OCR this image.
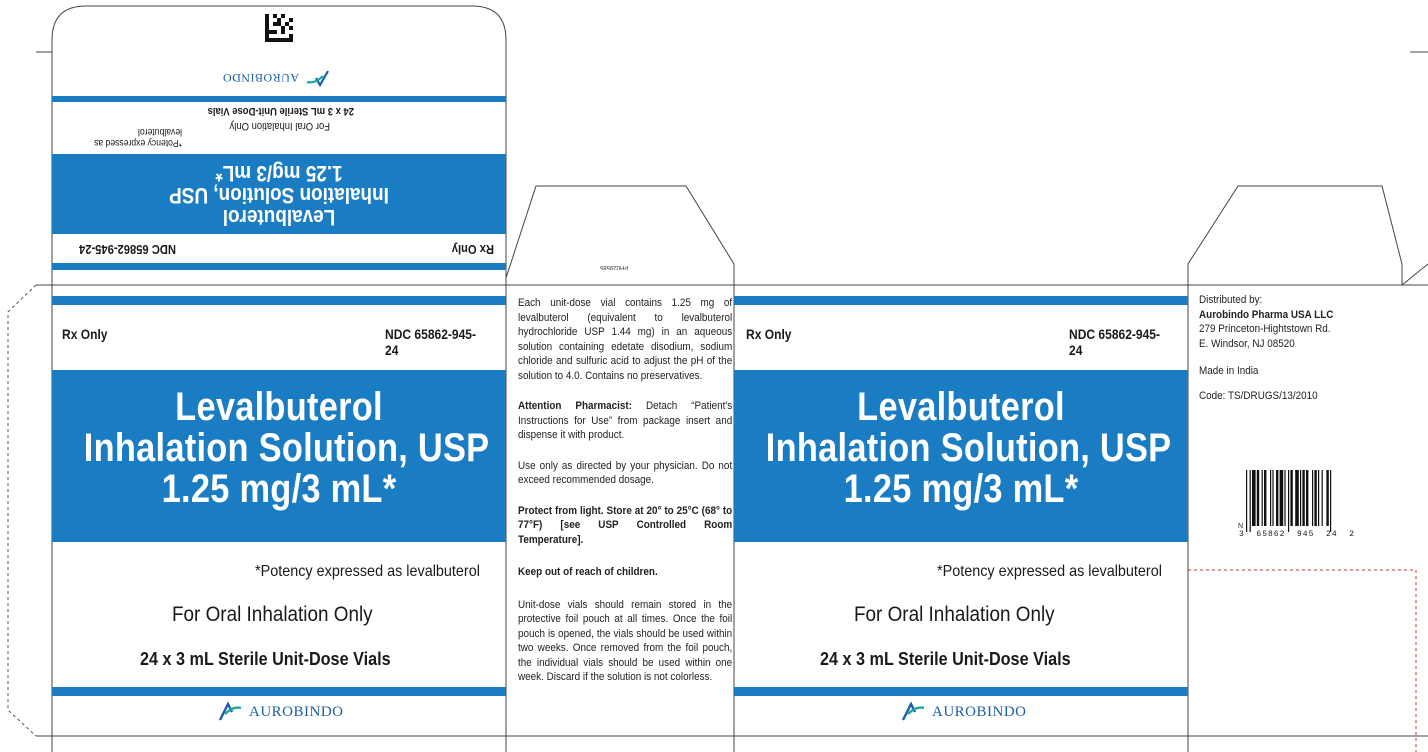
Rx Only
NDC 65862-945-24
Levalbuterol
Inhalation Solution, USP
1.25 mg/3 mL*
*Potency expressed as levalbuterol	For Oral Inhalation Only
24 x 3 mL Sterile Unit-Dose Vials
AUROBINDO
Rx Only	NDC 65862-945-24
Levalbuterol
Inhalation Solution, USP
1.25 mg/3 mL*
*Potency expressed as levalbuterol
For Oral Inhalation Only
24 x 3 mL Sterile Unit-Dose Vials
AUROBINDO
PH029585

Each unit-dose vial contains 1.25 mg of levalbuterol (equivalent to levalbuterol hydrochloride USP 1.44 mg) in an aqueous solution containing edetate disodium, sodium chloride and sulfuric acid to adjust the pH of the solution to 4.0. Contains no preservatives.

Attention Pharmacist: Detach “Patient's Instructions for Use” from package insert and dispense it with product.

Use only as directed by your physician. Do not exceed recommended dosage.

Protect from light. Store at 20° to 25°C (68° to 77°F) [see USP Controlled Room Temperature].

Keep out of reach of children.

Unit-dose vials should remain stored in the protective foil pouch at all times. Once the foil pouch is opened, the vials should be used within two weeks. Once removed from the foil pouch, the individual vials should be used within one week. Discard if the solution is not colorless.

Rx Only	NDC 65862-945-24
Levalbuterol
Inhalation Solution, USP
1.25 mg/3 mL*
*Potency expressed as levalbuterol
For Oral Inhalation Only
24 x 3 mL Sterile Unit-Dose Vials
AUROBINDO
Distributed by:
Aurobindo Pharma USA LLC
279 Princeton-Hightstown Rd.
E. Windsor, NJ 08520
Made in India
Code: TS/DRUGS/13/2010
N
3  65862  945  24  2
